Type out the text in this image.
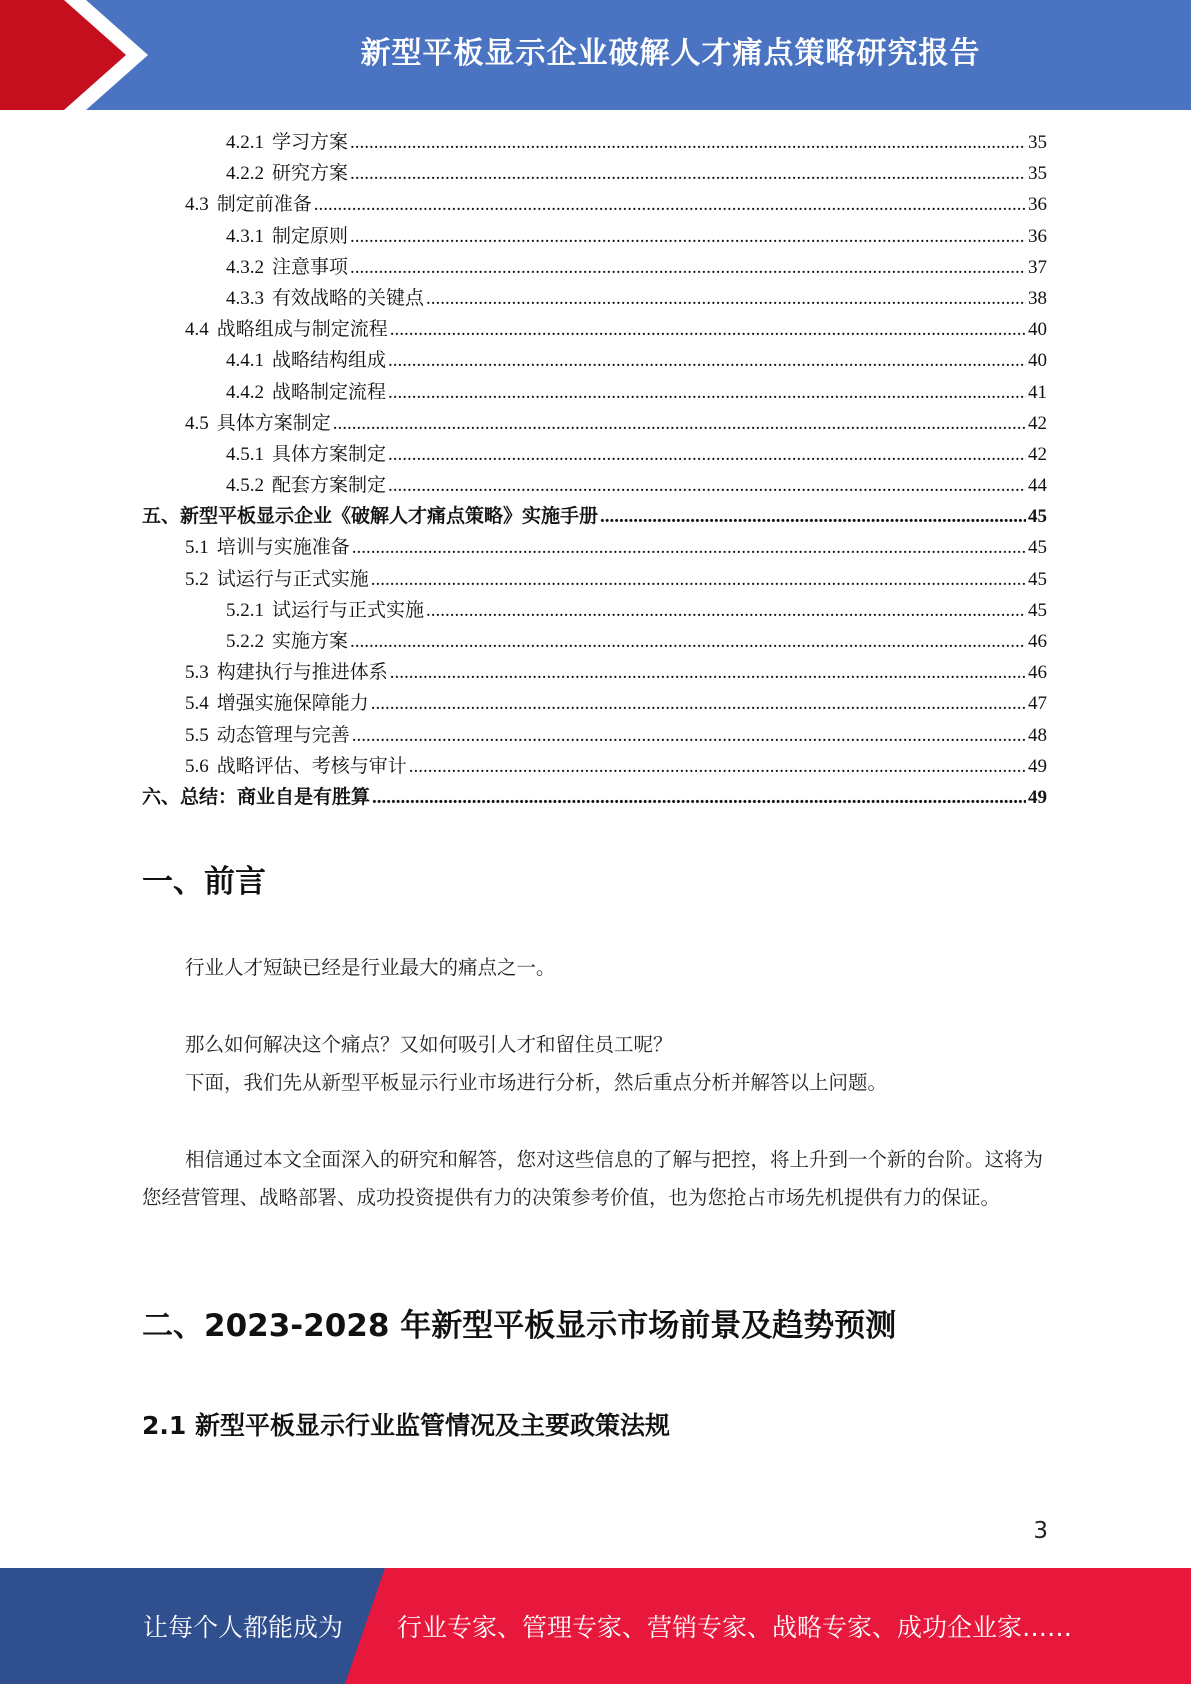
新型平板显示企业破解人才痛点策略研究报告
4.2.1 学习方案 .....	35
4.2.2 研究方案 .....	35
4.3 制定前准备 .....	36
4.3.1 制定原则 .....	36
4.3.2 注意事项 .....	37
4.3.3 有效战略的关键点 .....	38
4.4 战略组成与制定流程 .....	40
4.4.1 战略结构组成 .....	40
4.4.2 战略制定流程 .....	41
4.5 具体方案制定 .....	42
4.5.1 具体方案制定 .....	42
4.5.2 配套方案制定 .....	44
五、新型平板显示企业《破解人才痛点策略》实施手册 .....	45
5.1 培训与实施准备 .....	45
5.2 试运行与正式实施 .....	45
5.2.1 试运行与正式实施 .....	45
5.2.2 实施方案 .....	46
5.3 构建执行与推进体系 .....	46
5.4 增强实施保障能力 .....	47
5.5 动态管理与完善 .....	48
5.6 战略评估、考核与审计 .....	49
六、总结：商业自是有胜算 .....	49
一、前言
行业人才短缺已经是行业最大的痛点之一。
那么如何解决这个痛点？又如何吸引人才和留住员工呢？
下面，我们先从新型平板显示行业市场进行分析，然后重点分析并解答以上问题。
相信通过本文全面深入的研究和解答，您对这些信息的了解与把控，将上升到一个新的台阶。这将为您经营管理、战略部署、成功投资提供有力的决策参考价值，也为您抢占市场先机提供有力的保证。
二、2023-2028 年新型平板显示市场前景及趋势预测
2.1 新型平板显示行业监管情况及主要政策法规
3
让每个人都能成为 行业专家、管理专家、营销专家、战略专家、成功企业家……
